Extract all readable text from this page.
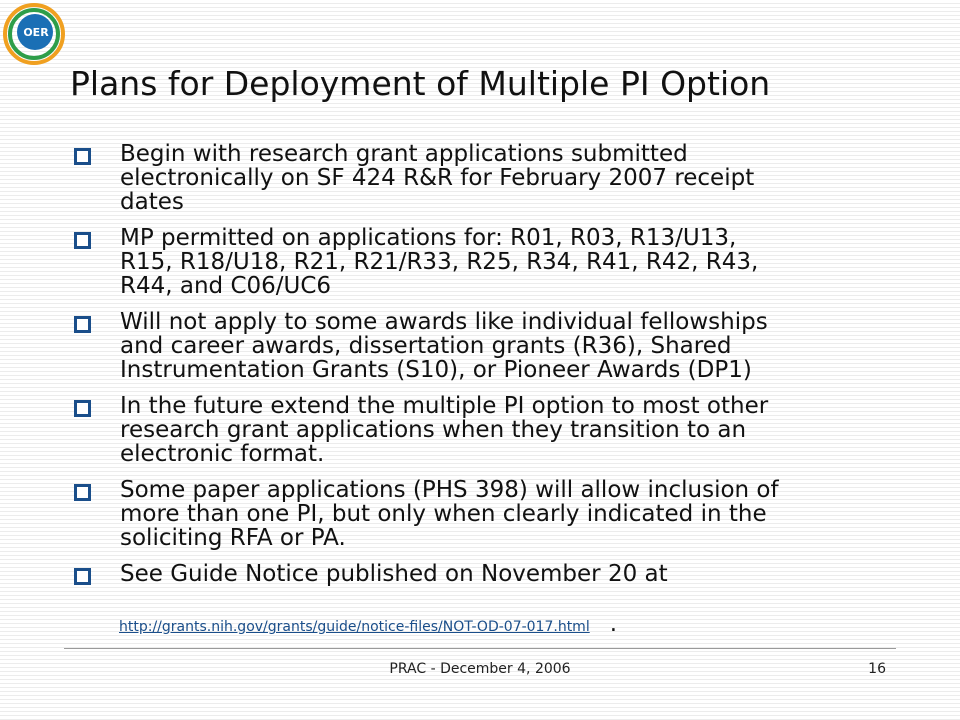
OER
Plans for Deployment of Multiple PI Option
Begin with research grant applications submitted
electronically on SF 424 R&R for February 2007 receipt
dates
MP permitted on applications for: R01, R03, R13/U13,
R15, R18/U18, R21, R21/R33, R25, R34, R41, R42, R43,
R44, and C06/UC6
Will not apply to some awards like individual fellowships
and career awards, dissertation grants (R36), Shared
Instrumentation Grants (S10), or Pioneer Awards (DP1)
In the future extend the multiple PI option to most other
research grant applications when they transition to an
electronic format.
Some paper applications (PHS 398) will allow inclusion of
more than one PI, but only when clearly indicated in the
soliciting RFA or PA.
See Guide Notice published on November 20 at
http://grants.nih.gov/grants/guide/notice-files/NOT-OD-07-017.html .
PRAC - December 4, 2006	16
